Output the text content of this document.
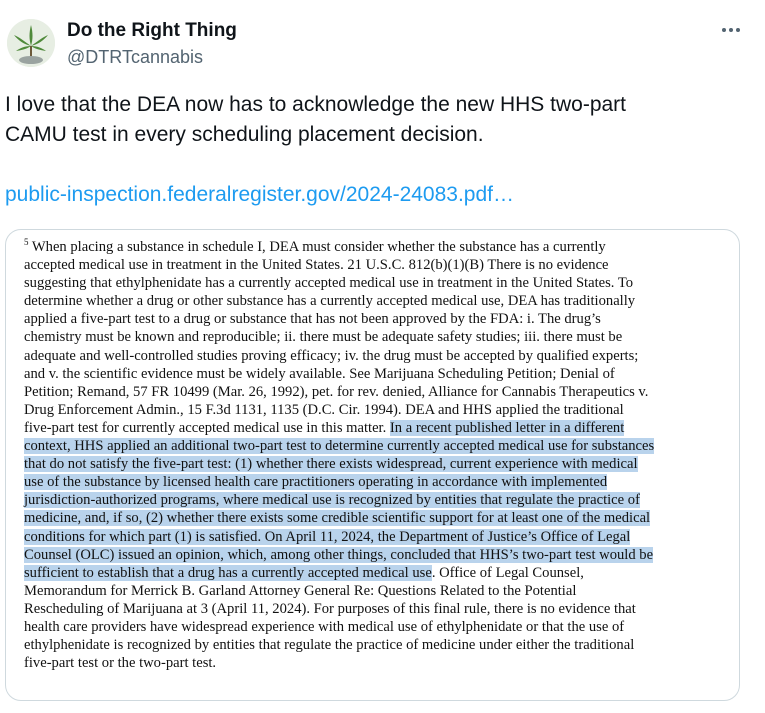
Do the Right Thing
@DTRTcannabis
I love that the DEA now has to acknowledge the new HHS two-part
CAMU test in every scheduling placement decision.
public-inspection.federalregister.gov/2024-24083.pdf…
$^5$ When placing a substance in schedule I, DEA must consider whether the substance has a currently
accepted medical use in treatment in the United States. 21 U.S.C. 812(b)(1)(B) There is no evidence
suggesting that ethylphenidate has a currently accepted medical use in treatment in the United States. To
determine whether a drug or other substance has a currently accepted medical use, DEA has traditionally
applied a five-part test to a drug or substance that has not been approved by the FDA: i. The drug’s
chemistry must be known and reproducible; ii. there must be adequate safety studies; iii. there must be
adequate and well-controlled studies proving efficacy; iv. the drug must be accepted by qualified experts;
and v. the scientific evidence must be widely available. See Marijuana Scheduling Petition; Denial of
Petition; Remand, 57 FR 10499 (Mar. 26, 1992), pet. for rev. denied, Alliance for Cannabis Therapeutics v.
Drug Enforcement Admin., 15 F.3d 1131, 1135 (D.C. Cir. 1994). DEA and HHS applied the traditional
five-part test for currently accepted medical use in this matter. In a recent published letter in a different
context, HHS applied an additional two-part test to determine currently accepted medical use for substances
that do not satisfy the five-part test: (1) whether there exists widespread, current experience with medical
use of the substance by licensed health care practitioners operating in accordance with implemented
jurisdiction-authorized programs, where medical use is recognized by entities that regulate the practice of
medicine, and, if so, (2) whether there exists some credible scientific support for at least one of the medical
conditions for which part (1) is satisfied. On April 11, 2024, the Department of Justice’s Office of Legal
Counsel (OLC) issued an opinion, which, among other things, concluded that HHS’s two-part test would be
sufficient to establish that a drug has a currently accepted medical use. Office of Legal Counsel,
Memorandum for Merrick B. Garland Attorney General Re: Questions Related to the Potential
Rescheduling of Marijuana at 3 (April 11, 2024). For purposes of this final rule, there is no evidence that
health care providers have widespread experience with medical use of ethylphenidate or that the use of
ethylphenidate is recognized by entities that regulate the practice of medicine under either the traditional
five-part test or the two-part test.
